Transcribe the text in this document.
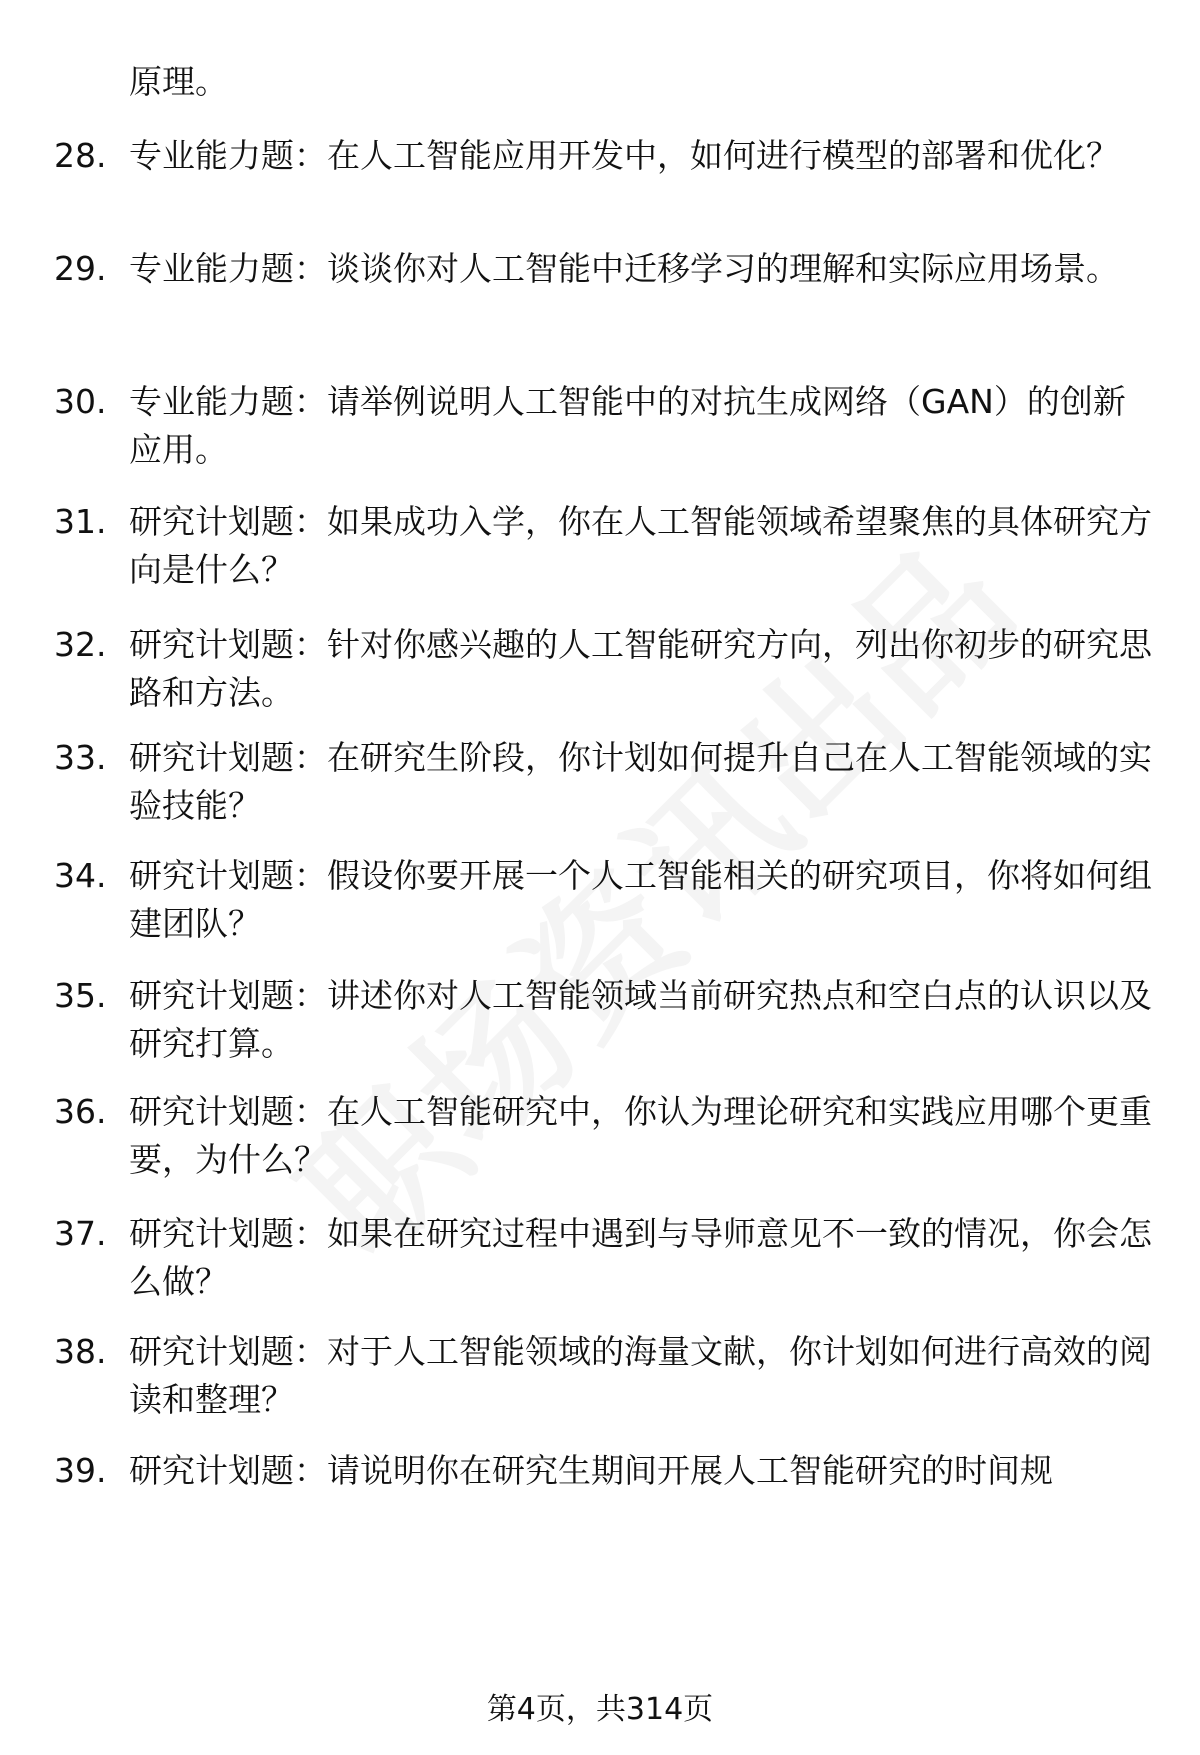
原理。
28. 专业能力题：在人工智能应用开发中，如何进行模型的部署和优化？
29. 专业能力题：谈谈你对人工智能中迁移学习的理解和实际应用场景。
30. 专业能力题：请举例说明人工智能中的对抗生成网络（GAN）的创新应用。
31. 研究计划题：如果成功入学，你在人工智能领域希望聚焦的具体研究方向是什么？
32. 研究计划题：针对你感兴趣的人工智能研究方向，列出你初步的研究思路和方法。
33. 研究计划题：在研究生阶段，你计划如何提升自己在人工智能领域的实验技能？
34. 研究计划题：假设你要开展一个人工智能相关的研究项目，你将如何组建团队？
35. 研究计划题：讲述你对人工智能领域当前研究热点和空白点的认识以及研究打算。
36. 研究计划题：在人工智能研究中，你认为理论研究和实践应用哪个更重要，为什么？
37. 研究计划题：如果在研究过程中遇到与导师意见不一致的情况，你会怎么做？
38. 研究计划题：对于人工智能领域的海量文献，你计划如何进行高效的阅读和整理？
39. 研究计划题：请说明你在研究生期间开展人工智能研究的时间规
第4页，共314页
